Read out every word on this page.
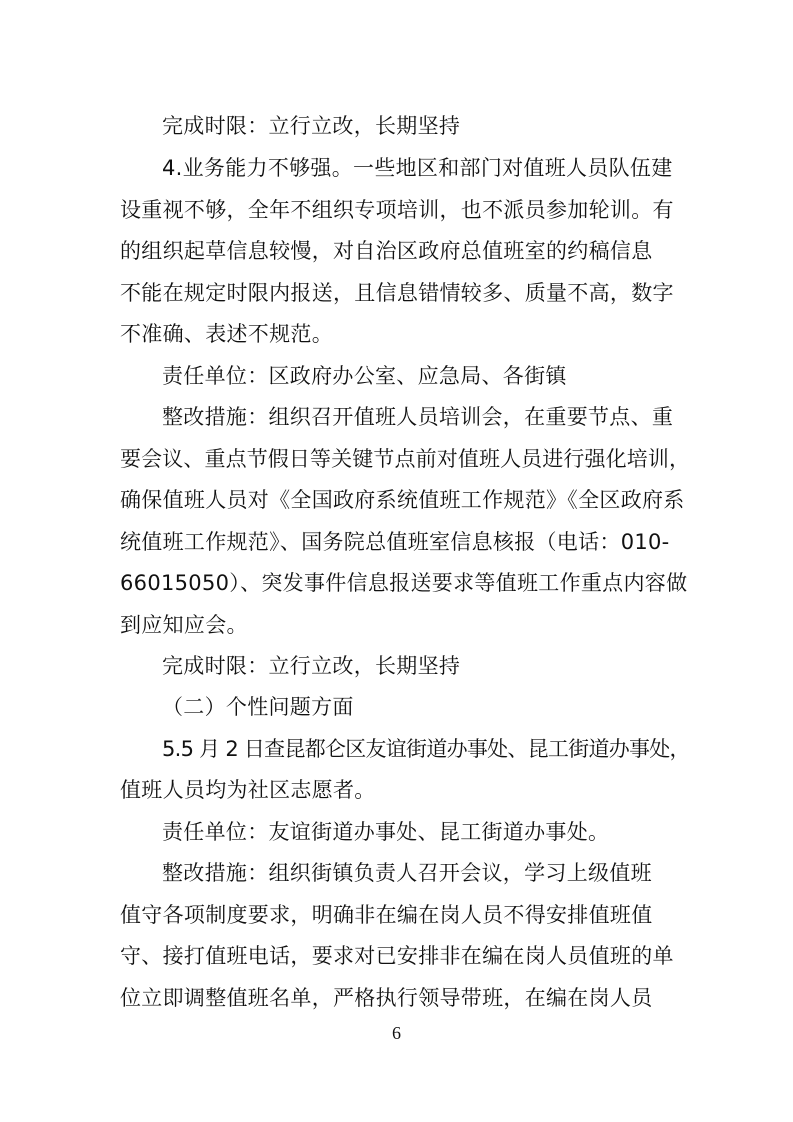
完成时限：立行立改，长期坚持
4.业务能力不够强。一些地区和部门对值班人员队伍建
设重视不够，全年不组织专项培训，也不派员参加轮训。有
的组织起草信息较慢，对自治区政府总值班室的约稿信息
不能在规定时限内报送，且信息错情较多、质量不高，数字
不准确、表述不规范。
责任单位：区政府办公室、应急局、各街镇
整改措施：组织召开值班人员培训会，在重要节点、重
要会议、重点节假日等关键节点前对值班人员进行强化培训，
确保值班人员对《全国政府系统值班工作规范》《全区政府系
统值班工作规范》、国务院总值班室信息核报（电话：010-
66015050）、突发事件信息报送要求等值班工作重点内容做
到应知应会。
完成时限：立行立改，长期坚持
（二）个性问题方面
5.5 月 2 日查昆都仑区友谊街道办事处、昆工街道办事处，
值班人员均为社区志愿者。
责任单位：友谊街道办事处、昆工街道办事处。
整改措施：组织街镇负责人召开会议，学习上级值班
值守各项制度要求，明确非在编在岗人员不得安排值班值
守、接打值班电话，要求对已安排非在编在岗人员值班的单
位立即调整值班名单，严格执行领导带班，在编在岗人员
6
